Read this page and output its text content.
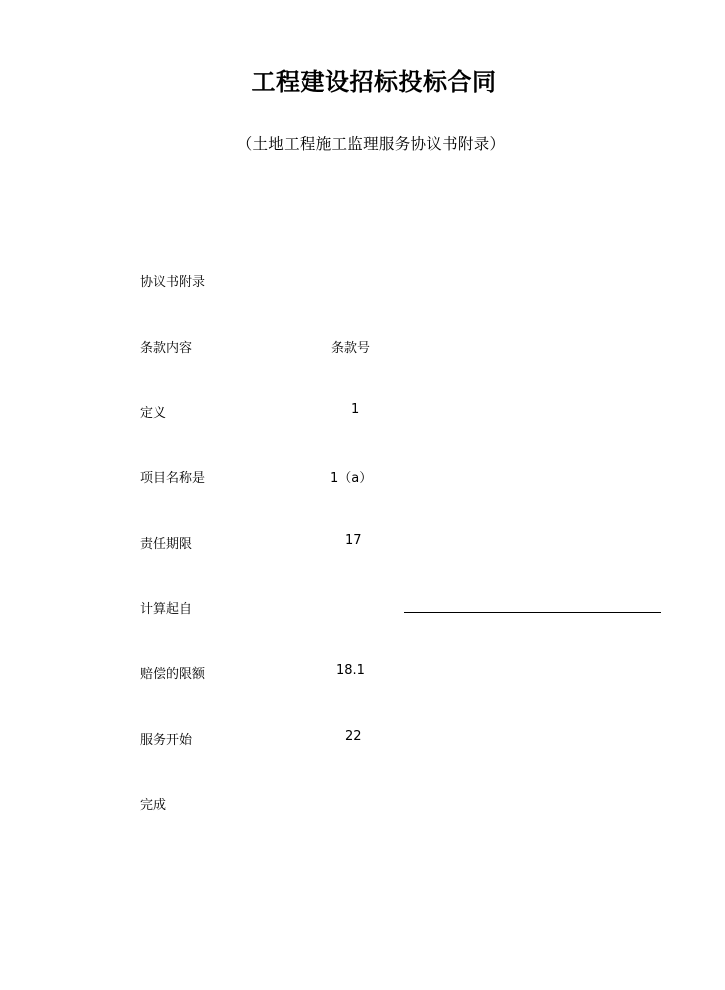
工程建设招标投标合同
（土地工程施工监理服务协议书附录）
协议书附录
条款内容	条款号
定义	1
项目名称是	1（a）
责任期限	17
计算起自
赔偿的限额	18.1
服务开始	22
完成
